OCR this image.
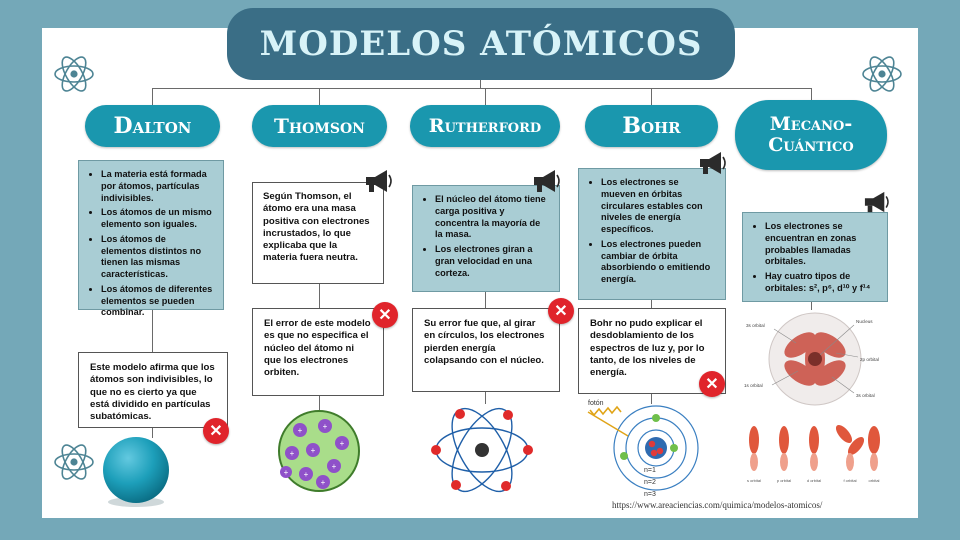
MODELOS ATÓMICOS
Dalton	Thomson	Rutherford	Bohr	Mecano-
Cuántico
• La materia está formada por átomos, partículas indivisibles.
• Los átomos de un mismo elemento son iguales.
• Los átomos de elementos distintos no tienen las mismas características.
• Los átomos de diferentes elementos se pueden combinar.
Este modelo afirma que los átomos son indivisibles, lo que no es cierto ya que está dividido en partículas subatómicas.
✕
Según Thomson, el átomo era una masa positiva con electrones incrustados, lo que explicaba que la materia fuera neutra.
El error de este modelo es que no especifica el núcleo del átomo ni que los electrones orbiten.
✕
+	+
+
+ +
+
+
+
+
• El núcleo del átomo tiene carga positiva y concentra la mayoría de la masa.
• Los electrones giran a gran velocidad en una corteza.
Su error fue que, al girar en círculos, los electrones pierden energía colapsando con el núcleo.
✕
• Los electrones se mueven en órbitas circulares estables con niveles de energía específicos.
• Los electrones pueden cambiar de órbita absorbiendo o emitiendo energía.
Bohr no pudo explicar el desdoblamiento de los espectros de luz y, por lo tanto, de los niveles de energía.
✕
fotón
n=1
n=2
n=3
• Los electrones se encuentran en zonas probables llamadas orbitales.
• Hay cuatro tipos de orbitales: s², p⁶, d¹⁰ y f¹⁴
3s orbital
Nucleus
2p orbital
1s orbital
3s orbital
s orbital	p orbital	d orbital	f orbital	orbital
https://www.areaciencias.com/quimica/modelos-atomicos/
